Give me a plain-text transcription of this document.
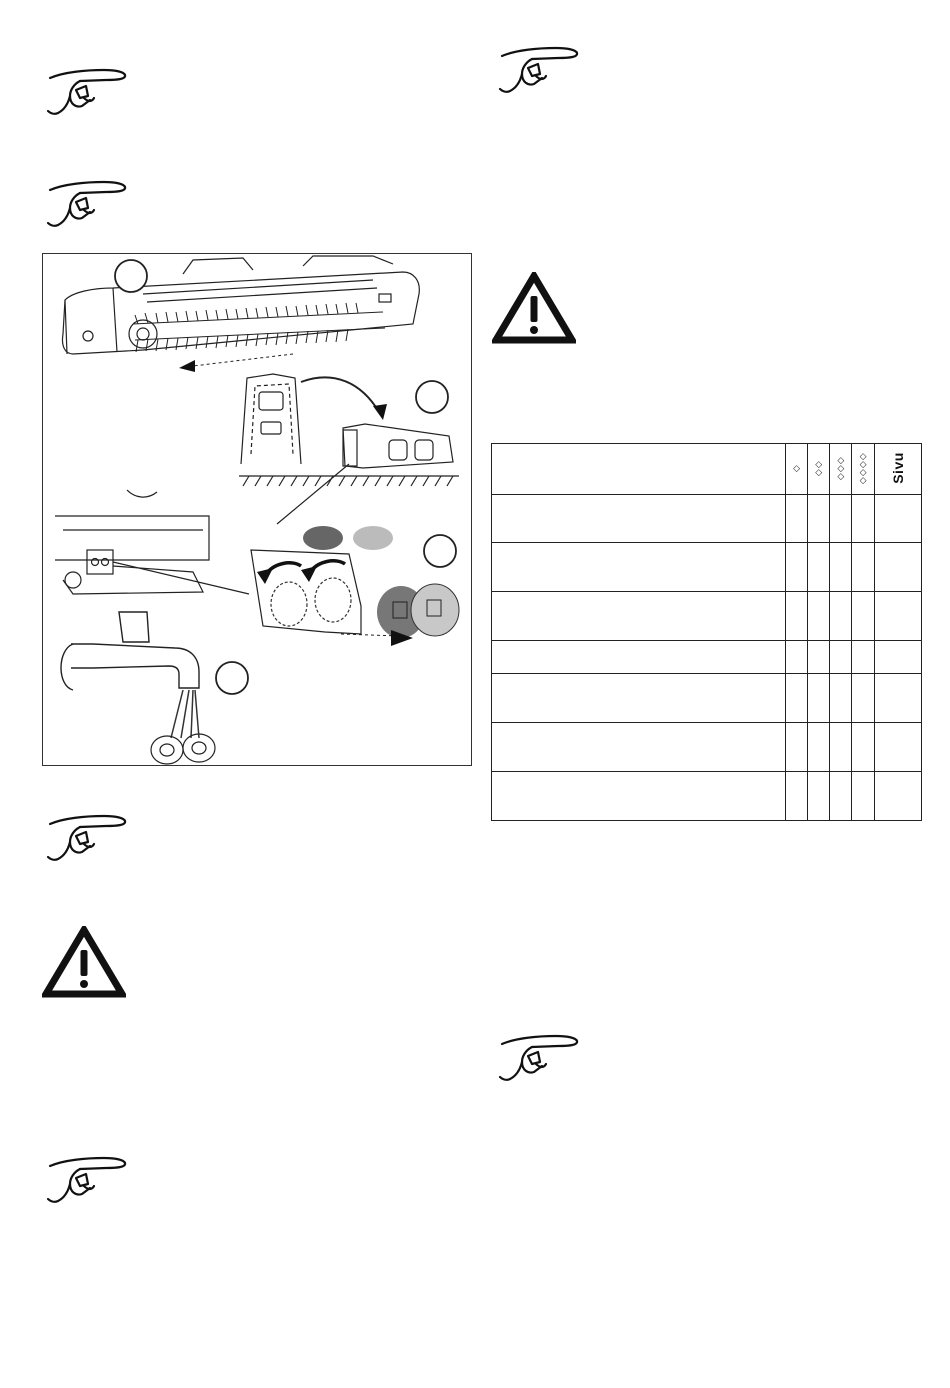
	◇	◇◇	◇◇◇	◇◇◇◇	Sivu
